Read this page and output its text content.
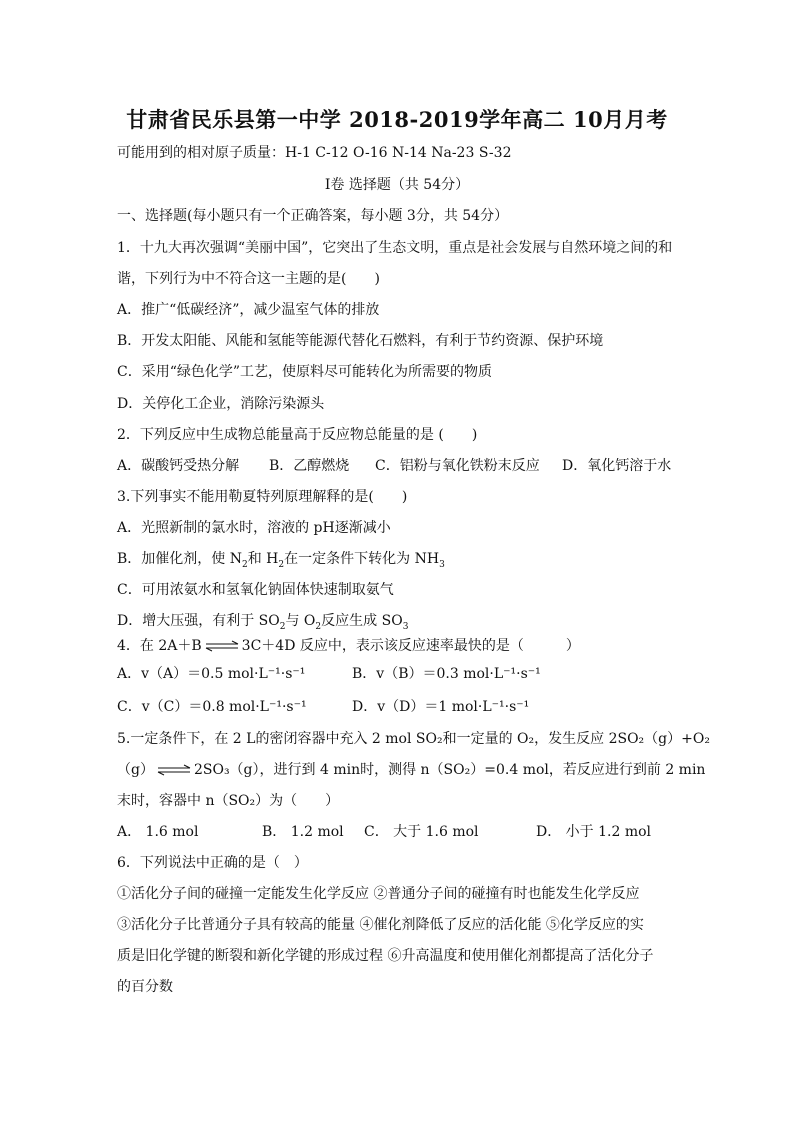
甘肃省民乐县第一中学 2018-2019学年高二 10月月考
可能用到的相对原子质量：H-1 C-12 O-16 N-14 Na-23 S-32
Ⅰ卷 选择题（共 54分）
一、选择题(每小题只有一个正确答案，每小题 3分，共 54分）
1．十九大再次强调“美丽中国”，它突出了生态文明，重点是社会发展与自然环境之间的和
谐，下列行为中不符合这一主题的是(　　)
A．推广“低碳经济”，减少温室气体的排放
B．开发太阳能、风能和氢能等能源代替化石燃料，有利于节约资源、保护环境
C．采用“绿色化学”工艺，使原料尽可能转化为所需要的物质
D．关停化工企业，消除污染源头
2．下列反应中生成物总能量高于反应物总能量的是 (　　)
A．碳酸钙受热分解 B．乙醇燃烧 C．铝粉与氧化铁粉末反应 D．氧化钙溶于水
3.下列事实不能用勒夏特列原理解释的是(　　)
A．光照新制的氯水时，溶液的 pH逐渐减小
B．加催化剂，使 $N_2$和 $H_2$在一定条件下转化为 $NH_3$
C．可用浓氨水和氢氧化钠固体快速制取氨气
D．增大压强，有利于 $SO_2$与 $O_2$反应生成 $SO_3$
4．在 2A＋B⇌3C＋4D 反应中，表示该反应速率最快的是（　　　）
A．v（A）＝0.5 mol·L⁻¹·s⁻¹	B．v（B）＝0.3 mol·L⁻¹·s⁻¹
C．v（C）＝0.8 mol·L⁻¹·s⁻¹	D．v（D）＝1 mol·L⁻¹·s⁻¹
5.一定条件下，在 2 L的密闭容器中充入 2 mol SO₂和一定量的 O₂，发生反应 2SO₂（g）+O₂
（g）⇌2SO₃（g），进行到 4 min时，测得 n（SO₂）=0.4 mol，若反应进行到前 2 min
末时，容器中 n（SO₂）为（　　）
A． 1.6 mol	B． 1.2 mol C． 大于 1.6 mol	D． 小于 1.2 mol
6．下列说法中正确的是（　）
①活化分子间的碰撞一定能发生化学反应 ②普通分子间的碰撞有时也能发生化学反应
③活化分子比普通分子具有较高的能量 ④催化剂降低了反应的活化能 ⑤化学反应的实
质是旧化学键的断裂和新化学键的形成过程 ⑥升高温度和使用催化剂都提高了活化分子
的百分数
